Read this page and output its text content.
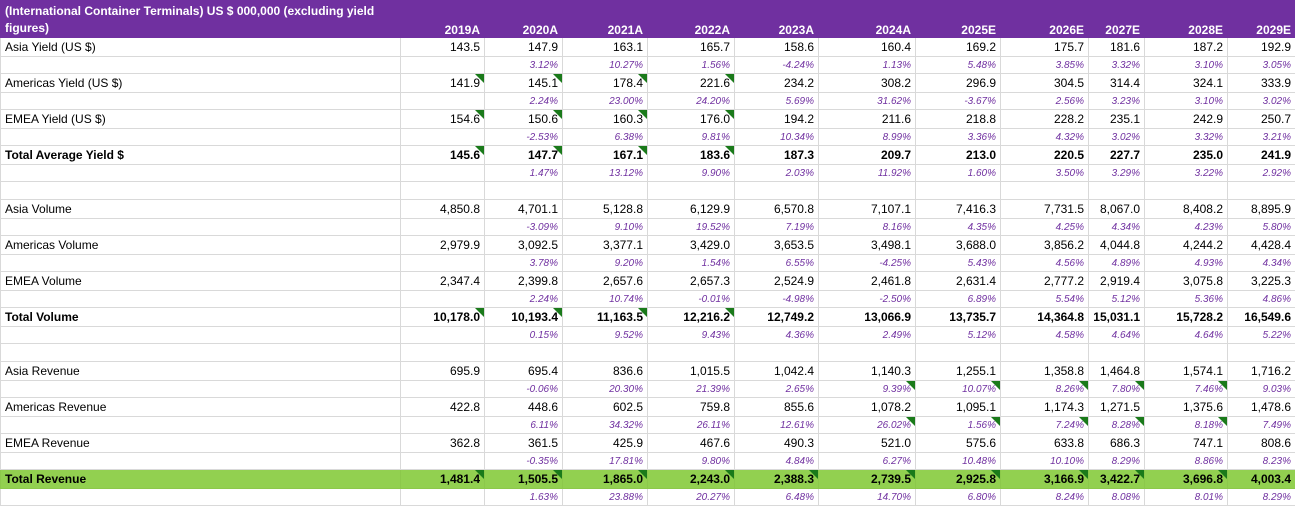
(International Container Terminals) US $ 000,000 (excluding yield figures)	2019A	2020A	2021A	2022A	2023A	2024A	2025E	2026E	2027E	2028E	2029E
Asia Yield (US $)	143.5	147.9	163.1	165.7	158.6	160.4	169.2	175.7	181.6	187.2	192.9
		3.12%	10.27%	1.56%	-4.24%	1.13%	5.48%	3.85%	3.32%	3.10%	3.05%
Americas Yield (US $)	141.9	145.1	178.4	221.6	234.2	308.2	296.9	304.5	314.4	324.1	333.9
		2.24%	23.00%	24.20%	5.69%	31.62%	-3.67%	2.56%	3.23%	3.10%	3.02%
EMEA Yield (US $)	154.6	150.6	160.3	176.0	194.2	211.6	218.8	228.2	235.1	242.9	250.7
		-2.53%	6.38%	9.81%	10.34%	8.99%	3.36%	4.32%	3.02%	3.32%	3.21%
Total Average Yield $	145.6	147.7	167.1	183.6	187.3	209.7	213.0	220.5	227.7	235.0	241.9
		1.47%	13.12%	9.90%	2.03%	11.92%	1.60%	3.50%	3.29%	3.22%	2.92%

Asia Volume	4,850.8	4,701.1	5,128.8	6,129.9	6,570.8	7,107.1	7,416.3	7,731.5	8,067.0	8,408.2	8,895.9
		-3.09%	9.10%	19.52%	7.19%	8.16%	4.35%	4.25%	4.34%	4.23%	5.80%
Americas Volume	2,979.9	3,092.5	3,377.1	3,429.0	3,653.5	3,498.1	3,688.0	3,856.2	4,044.8	4,244.2	4,428.4
		3.78%	9.20%	1.54%	6.55%	-4.25%	5.43%	4.56%	4.89%	4.93%	4.34%
EMEA Volume	2,347.4	2,399.8	2,657.6	2,657.3	2,524.9	2,461.8	2,631.4	2,777.2	2,919.4	3,075.8	3,225.3
		2.24%	10.74%	-0.01%	-4.98%	-2.50%	6.89%	5.54%	5.12%	5.36%	4.86%
Total Volume	10,178.0	10,193.4	11,163.5	12,216.2	12,749.2	13,066.9	13,735.7	14,364.8	15,031.1	15,728.2	16,549.6
		0.15%	9.52%	9.43%	4.36%	2.49%	5.12%	4.58%	4.64%	4.64%	5.22%

Asia Revenue	695.9	695.4	836.6	1,015.5	1,042.4	1,140.3	1,255.1	1,358.8	1,464.8	1,574.1	1,716.2
		-0.06%	20.30%	21.39%	2.65%	9.39%	10.07%	8.26%	7.80%	7.46%	9.03%
Americas Revenue	422.8	448.6	602.5	759.8	855.6	1,078.2	1,095.1	1,174.3	1,271.5	1,375.6	1,478.6
		6.11%	34.32%	26.11%	12.61%	26.02%	1.56%	7.24%	8.28%	8.18%	7.49%
EMEA Revenue	362.8	361.5	425.9	467.6	490.3	521.0	575.6	633.8	686.3	747.1	808.6
		-0.35%	17.81%	9.80%	4.84%	6.27%	10.48%	10.10%	8.29%	8.86%	8.23%
Total Revenue	1,481.4	1,505.5	1,865.0	2,243.0	2,388.3	2,739.5	2,925.8	3,166.9	3,422.7	3,696.8	4,003.4
		1.63%	23.88%	20.27%	6.48%	14.70%	6.80%	8.24%	8.08%	8.01%	8.29%
